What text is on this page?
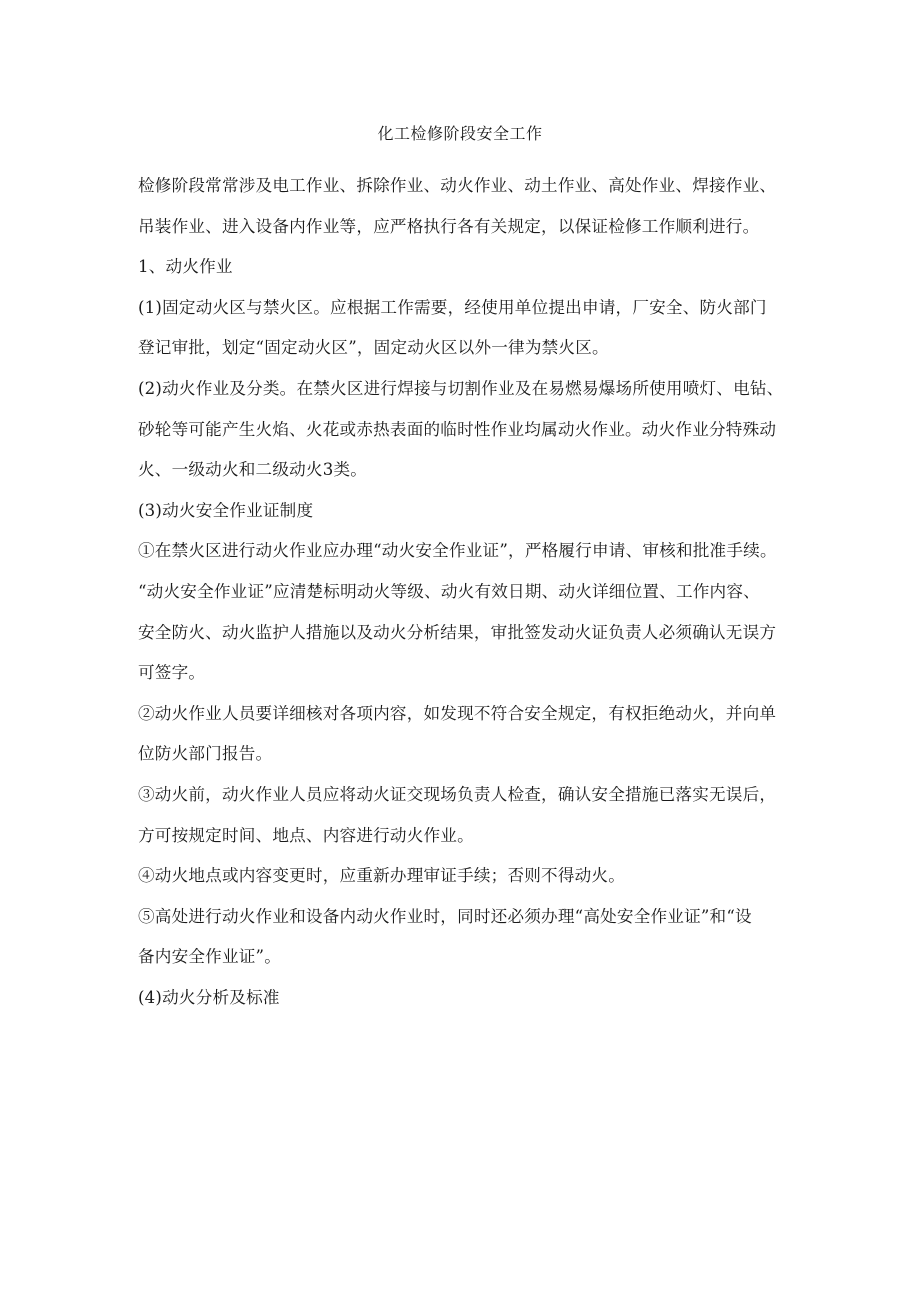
化工检修阶段安全工作
检修阶段常常涉及电工作业、拆除作业、动火作业、动土作业、高处作业、焊接作业、
吊装作业、进入设备内作业等，应严格执行各有关规定，以保证检修工作顺利进行。
1、动火作业
(1)固定动火区与禁火区。应根据工作需要，经使用单位提出申请，厂安全、防火部门
登记审批，划定“固定动火区”，固定动火区以外一律为禁火区。
(2)动火作业及分类。在禁火区进行焊接与切割作业及在易燃易爆场所使用喷灯、电钻、
砂轮等可能产生火焰、火花或赤热表面的临时性作业均属动火作业。动火作业分特殊动
火、一级动火和二级动火3类。
(3)动火安全作业证制度
①在禁火区进行动火作业应办理“动火安全作业证”，严格履行申请、审核和批准手续。
“动火安全作业证”应清楚标明动火等级、动火有效日期、动火详细位置、工作内容、
安全防火、动火监护人措施以及动火分析结果，审批签发动火证负责人必须确认无误方
可签字。
②动火作业人员要详细核对各项内容，如发现不符合安全规定，有权拒绝动火，并向单
位防火部门报告。
③动火前，动火作业人员应将动火证交现场负责人检查，确认安全措施已落实无误后，
方可按规定时间、地点、内容进行动火作业。
④动火地点或内容变更时，应重新办理审证手续；否则不得动火。
⑤高处进行动火作业和设备内动火作业时，同时还必须办理“高处安全作业证”和“设
备内安全作业证”。
(4)动火分析及标准
